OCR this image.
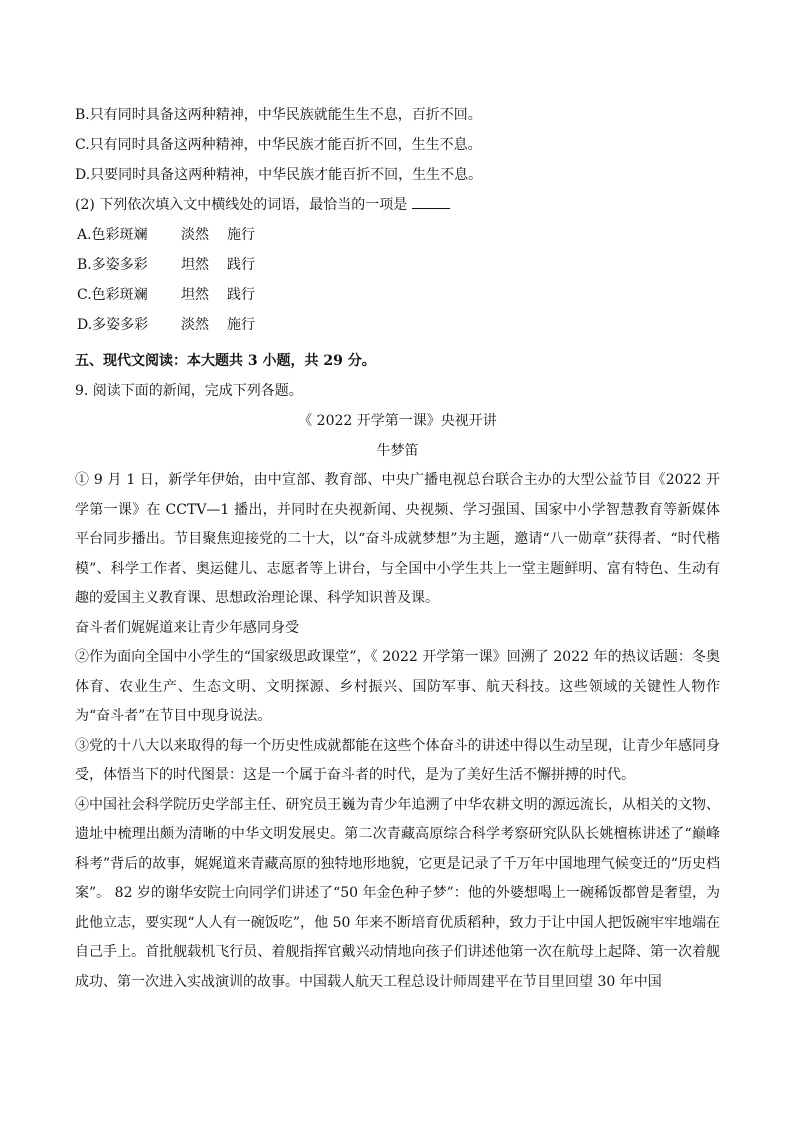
B.只有同时具备这两种精神，中华民族就能生生不息，百折不回。

C.只有同时具备这两种精神，中华民族才能百折不回，生生不息。

D.只要同时具备这两种精神，中华民族才能百折不回，生生不息。

(2) 下列依次填入文中横线处的词语，最恰当的一项是

A.色彩斑斓	淡然	施行
B.多姿多彩	坦然	践行
C.色彩斑斓	坦然	践行
D.多姿多彩	淡然	施行

五、现代文阅读：本大题共 3 小题，共 29 分。

9. 阅读下面的新闻，完成下列各题。

《 2022 开学第一课》央视开讲

牛梦笛

① 9 月 1 日，新学年伊始，由中宣部、教育部、中央广播电视总台联合主办的大型公益节目《2022 开学第一课》在 CCTV—1 播出，并同时在央视新闻、央视频、学习强国、国家中小学智慧教育等新媒体平台同步播出。节目聚焦迎接党的二十大，以“奋斗成就梦想”为主题，邀请“八一勋章”获得者、“时代楷模”、科学工作者、奥运健儿、志愿者等上讲台，与全国中小学生共上一堂主题鲜明、富有特色、生动有趣的爱国主义教育课、思想政治理论课、科学知识普及课。

奋斗者们娓娓道来让青少年感同身受

②作为面向全国中小学生的“国家级思政课堂”，《 2022 开学第一课》回溯了 2022 年的热议话题：冬奥体育、农业生产、生态文明、文明探源、乡村振兴、国防军事、航天科技。这些领域的关键性人物作为“奋斗者”在节目中现身说法。

③党的十八大以来取得的每一个历史性成就都能在这些个体奋斗的讲述中得以生动呈现，让青少年感同身受，体悟当下的时代图景：这是一个属于奋斗者的时代，是为了美好生活不懈拼搏的时代。

④中国社会科学院历史学部主任、研究员王巍为青少年追溯了中华农耕文明的源远流长，从相关的文物、遗址中梳理出颇为清晰的中华文明发展史。第二次青藏高原综合科学考察研究队队长姚檀栋讲述了“巅峰科考”背后的故事，娓娓道来青藏高原的独特地形地貌，它更是记录了千万年中国地理气候变迁的“历史档案”。 82 岁的谢华安院士向同学们讲述了“50 年金色种子梦”：他的外婆想喝上一碗稀饭都曾是奢望，为此他立志，要实现“人人有一碗饭吃”，他 50 年来不断培育优质稻种，致力于让中国人把饭碗牢牢地端在自己手上。首批舰载机飞行员、着舰指挥官戴兴动情地向孩子们讲述他第一次在航母上起降、第一次着舰成功、第一次进入实战演训的故事。中国载人航天工程总设计师周建平在节目里回望 30 年中国
